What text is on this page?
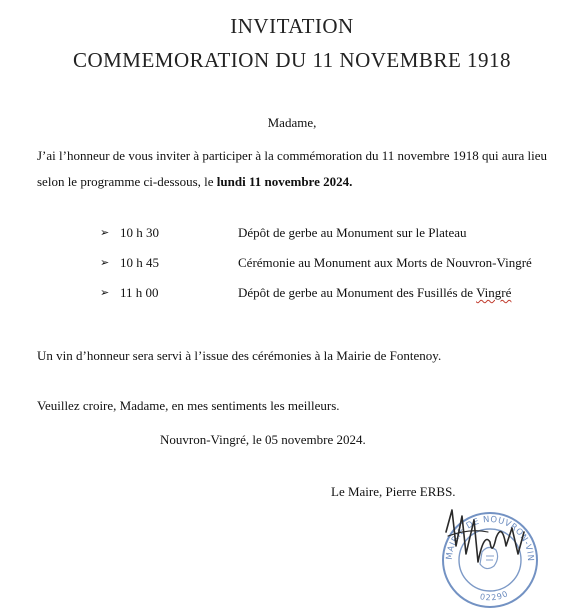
INVITATION
COMMEMORATION DU 11 NOVEMBRE 1918
Madame,
J’ai l’honneur de vous inviter à participer à la commémoration du 11 novembre 1918 qui aura lieu selon le programme ci-dessous, le lundi 11 novembre 2024.
➢ 10 h 30	Dépôt de gerbe au Monument sur le Plateau
➢ 10 h 45	Cérémonie au Monument aux Morts de Nouvron-Vingré
➢ 11 h 00	Dépôt de gerbe au Monument des Fusillés de Vingré
Un vin d’honneur sera servi à l’issue des cérémonies à la Mairie de Fontenoy.
Veuillez croire, Madame, en mes sentiments les meilleurs.
Nouvron-Vingré, le 05 novembre 2024.
Le Maire, Pierre ERBS.
MAIRIE DE NOUVRON-VIN
02290
